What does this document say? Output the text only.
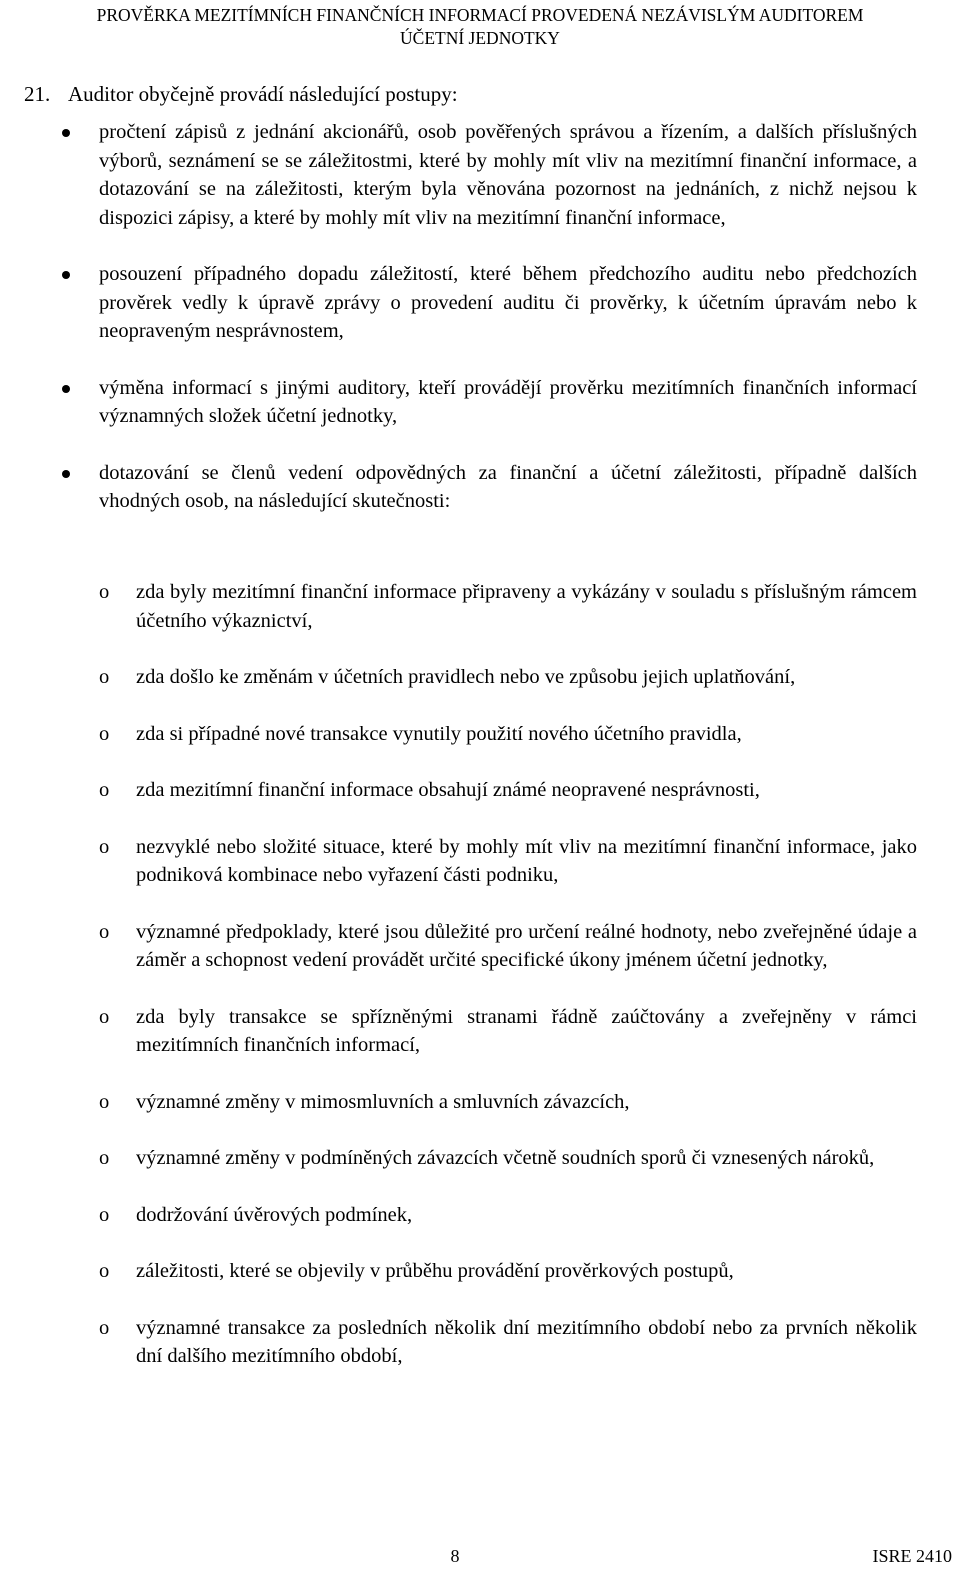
PROVĚRKA MEZITÍMNÍCH FINANČNÍCH INFORMACÍ PROVEDENÁ NEZÁVISLÝM AUDITOREM
ÚČETNÍ JEDNOTKY
21. Auditor obyčejně provádí následující postupy:
pročtení zápisů z jednání akcionářů, osob pověřených správou a řízením, a dalších příslušných výborů, seznámení se se záležitostmi, které by mohly mít vliv na mezitímní finanční informace, a dotazování se na záležitosti, kterým byla věnována pozornost na jednáních, z nichž nejsou k dispozici zápisy, a které by mohly mít vliv na mezitímní finanční informace,
posouzení případného dopadu záležitostí, které během předchozího auditu nebo předchozích prověrek vedly k úpravě zprávy o provedení auditu či prověrky, k účetním úpravám nebo k neopraveným nesprávnostem,
výměna informací s jinými auditory, kteří provádějí prověrku mezitímních finančních informací významných složek účetní jednotky,
dotazování se členů vedení odpovědných za finanční a účetní záležitosti, případně dalších vhodných osob, na následující skutečnosti:
o zda byly mezitímní finanční informace připraveny a vykázány v souladu s příslušným rámcem účetního výkaznictví,
o zda došlo ke změnám v účetních pravidlech nebo ve způsobu jejich uplatňování,
o zda si případné nové transakce vynutily použití nového účetního pravidla,
o zda mezitímní finanční informace obsahují známé neopravené nesprávnosti,
o nezvyklé nebo složité situace, které by mohly mít vliv na mezitímní finanční informace, jako podniková kombinace nebo vyřazení části podniku,
o významné předpoklady, které jsou důležité pro určení reálné hodnoty, nebo zveřejněné údaje a záměr a schopnost vedení provádět určité specifické úkony jménem účetní jednotky,
o zda byly transakce se spřízněnými stranami řádně zaúčtovány a zveřejněny v rámci mezitímních finančních informací,
o významné změny v mimosmluvních a smluvních závazcích,
o významné změny v podmíněných závazcích včetně soudních sporů či vznesených nároků,
o dodržování úvěrových podmínek,
o záležitosti, které se objevily v průběhu provádění prověrkových postupů,
o významné transakce za posledních několik dní mezitímního období nebo za prvních několik dní dalšího mezitímního období,
8	ISRE 2410
